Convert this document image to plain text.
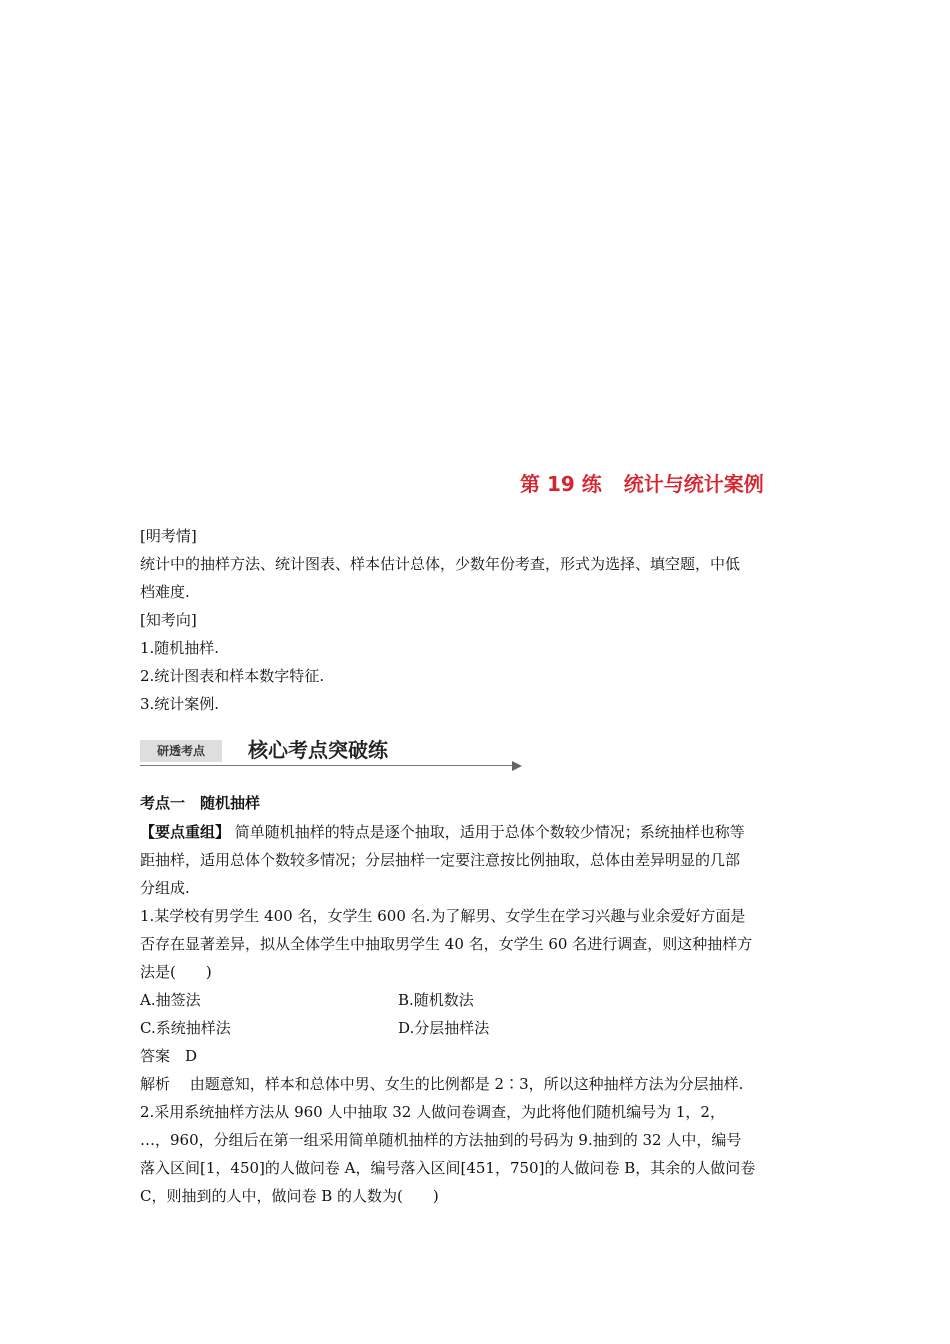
第 19 练 统计与统计案例
[明考情]
统计中的抽样方法、统计图表、样本估计总体，少数年份考查，形式为选择、填空题，中低
档难度.
[知考向]
1.随机抽样.
2.统计图表和样本数字特征.
3.统计案例.
研透考点	核心考点突破练
考点一　随机抽样
【要点重组】 简单随机抽样的特点是逐个抽取，适用于总体个数较少情况；系统抽样也称等
距抽样，适用总体个数较多情况；分层抽样一定要注意按比例抽取，总体由差异明显的几部
分组成.
1.某学校有男学生 400 名，女学生 600 名.为了解男、女学生在学习兴趣与业余爱好方面是
否存在显著差异，拟从全体学生中抽取男学生 40 名，女学生 60 名进行调查，则这种抽样方
法是(　　)
A.抽签法	B.随机数法
C.系统抽样法	D.分层抽样法
答案　D
解析　 由题意知，样本和总体中男、女生的比例都是 2∶3，所以这种抽样方法为分层抽样.
2.采用系统抽样方法从 960 人中抽取 32 人做问卷调查，为此将他们随机编号为 1，2，
…，960，分组后在第一组采用简单随机抽样的方法抽到的号码为 9.抽到的 32 人中，编号
落入区间[1，450]的人做问卷 A，编号落入区间[451，750]的人做问卷 B，其余的人做问卷
C，则抽到的人中，做问卷 B 的人数为(　　)
